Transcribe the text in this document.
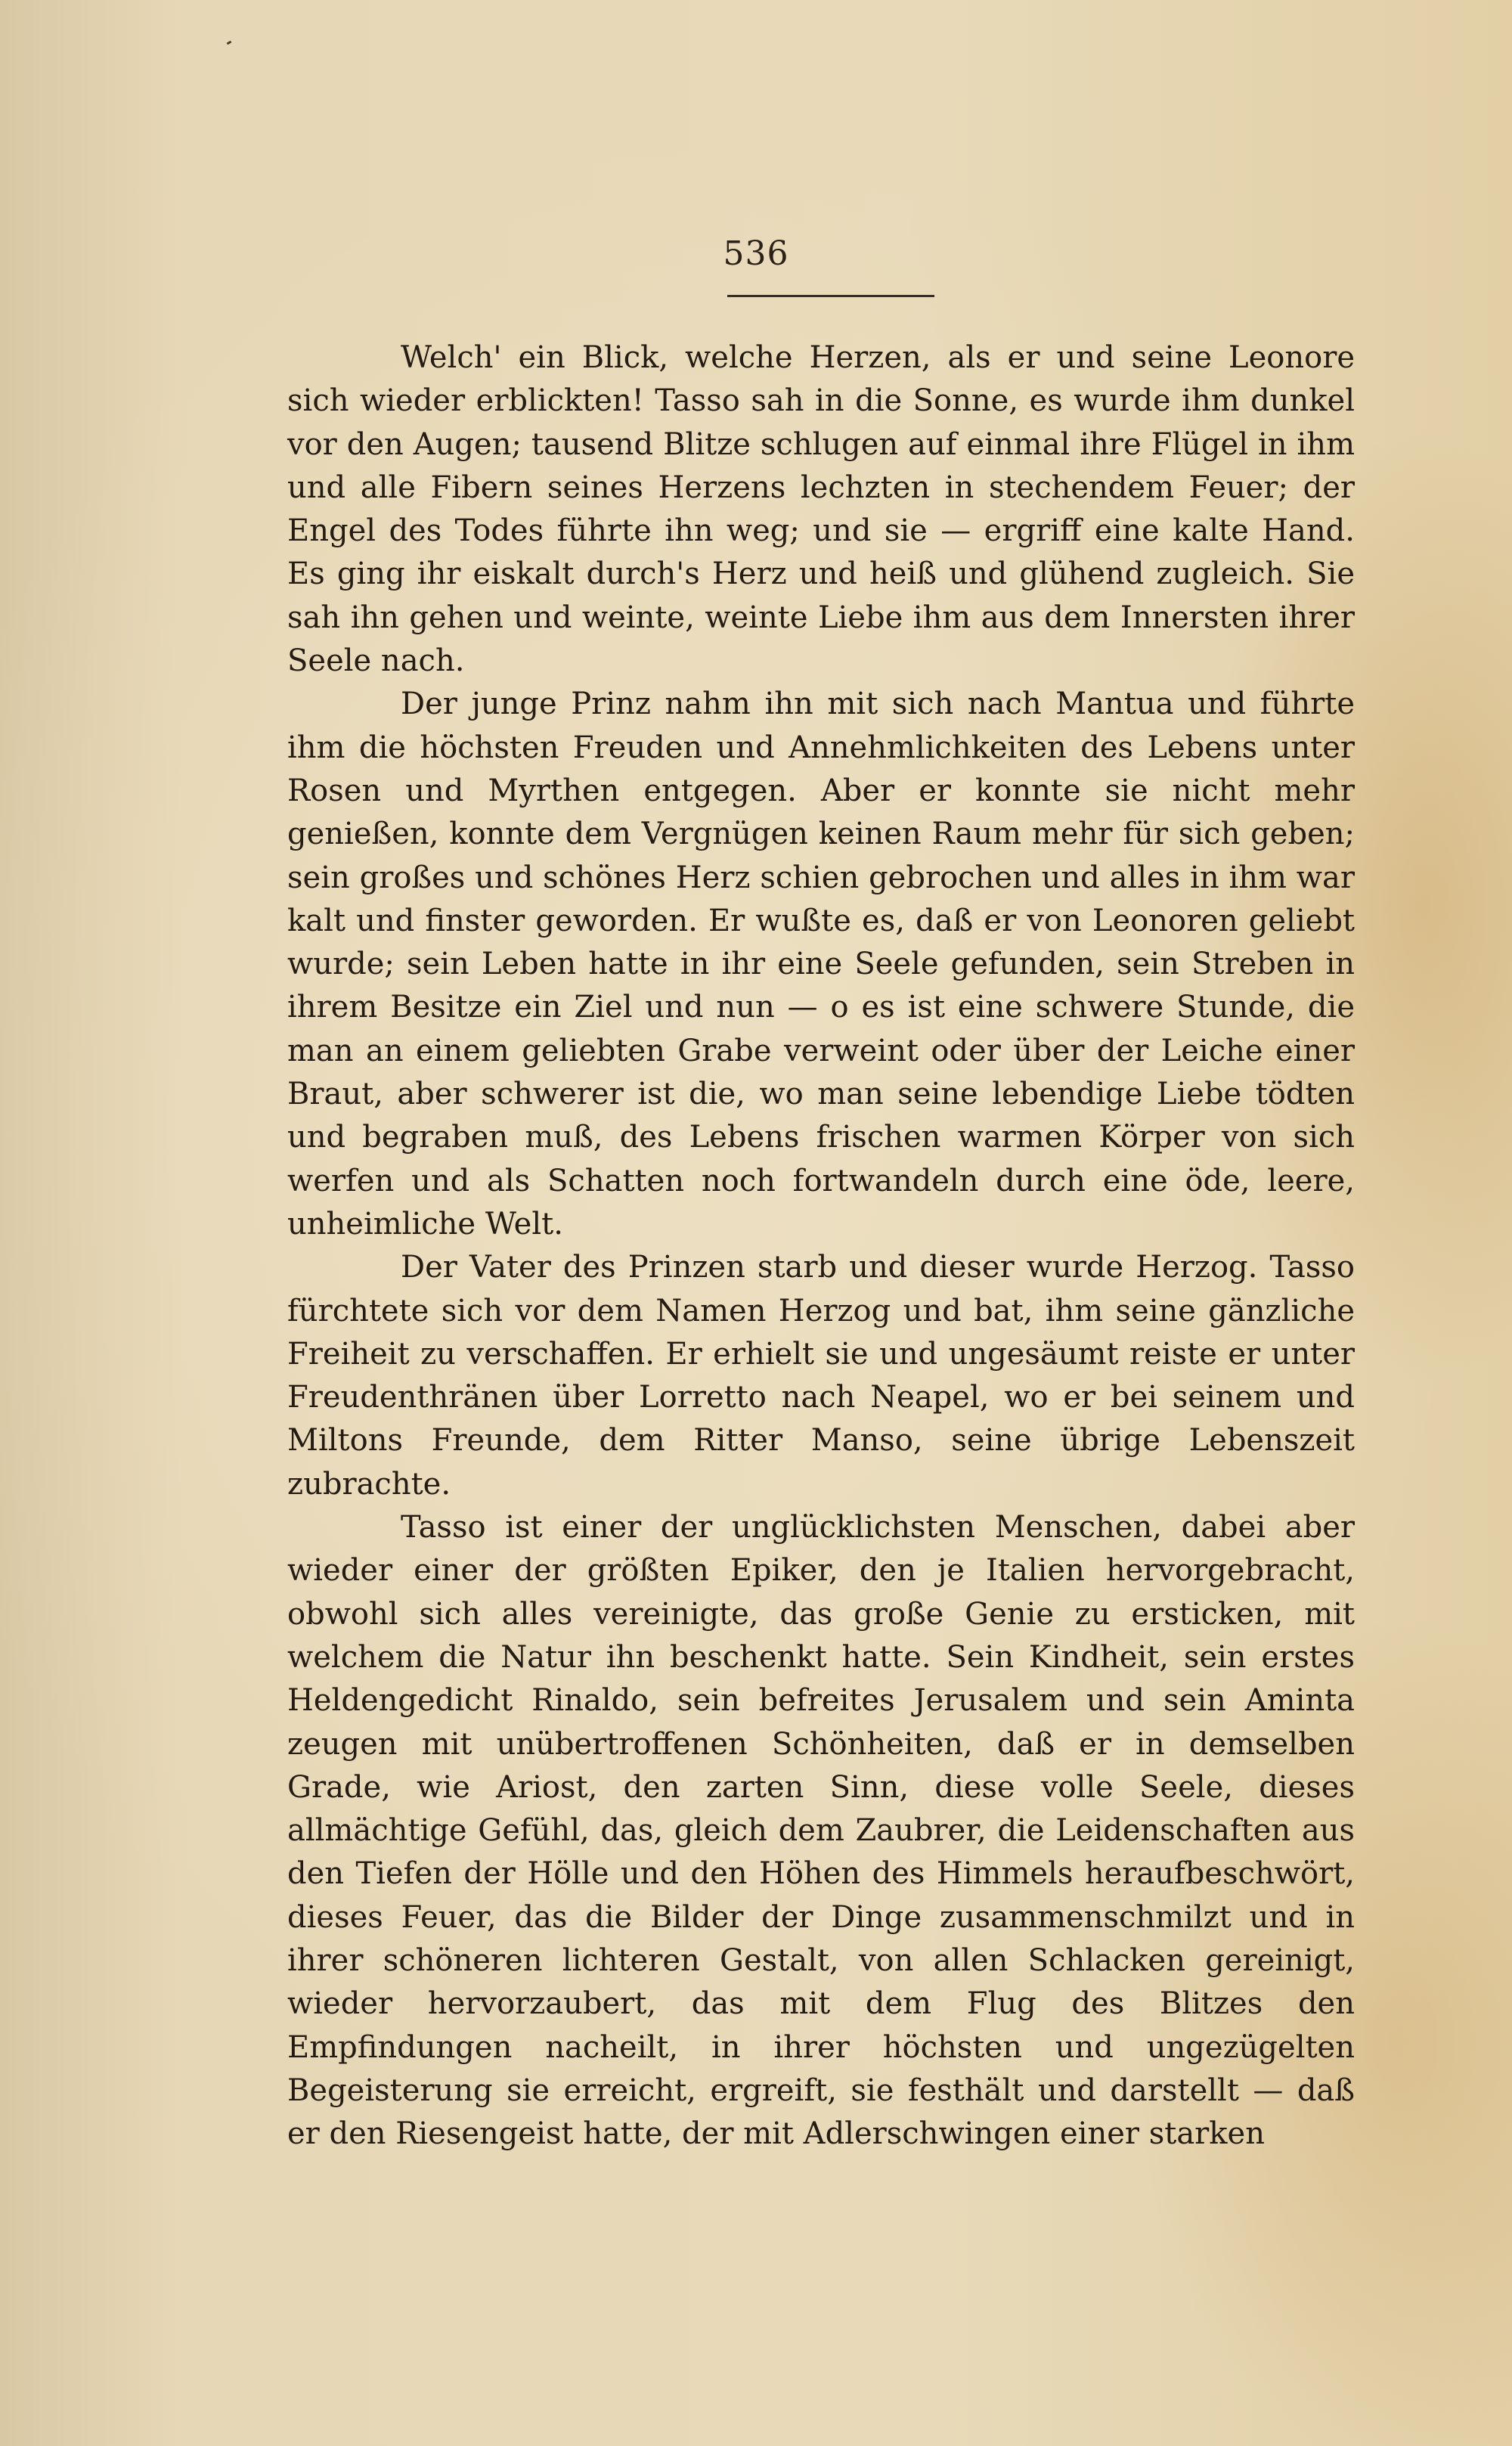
536

Welch' ein Blick, welche Herzen, als er und seine Leonore sich wieder erblickten! Tasso sah in die Sonne, es wurde ihm dunkel vor den Augen; tausend Blitze schlugen auf einmal ihre Flügel in ihm und alle Fibern seines Herzens lechzten in stechendem Feuer; der Engel des Todes führte ihn weg; und sie — ergriff eine kalte Hand. Es ging ihr eiskalt durch's Herz und heiß und glühend zugleich. Sie sah ihn gehen und weinte, weinte Liebe ihm aus dem Innersten ihrer Seele nach.

Der junge Prinz nahm ihn mit sich nach Mantua und führte ihm die höchsten Freuden und Annehmlichkeiten des Lebens unter Rosen und Myrthen entgegen. Aber er konnte sie nicht mehr genießen, konnte dem Vergnügen keinen Raum mehr für sich geben; sein großes und schönes Herz schien gebrochen und alles in ihm war kalt und finster geworden. Er wußte es, daß er von Leonoren geliebt wurde; sein Leben hatte in ihr eine Seele gefunden, sein Streben in ihrem Besitze ein Ziel und nun — o es ist eine schwere Stunde, die man an einem geliebten Grabe verweint oder über der Leiche einer Braut, aber schwerer ist die, wo man seine lebendige Liebe tödten und begraben muß, des Lebens frischen warmen Körper von sich werfen und als Schatten noch fortwandeln durch eine öde, leere, unheimliche Welt.

Der Vater des Prinzen starb und dieser wurde Herzog. Tasso fürchtete sich vor dem Namen Herzog und bat, ihm seine gänzliche Freiheit zu verschaffen. Er erhielt sie und ungesäumt reiste er unter Freudenthränen über Lorretto nach Neapel, wo er bei seinem und Miltons Freunde, dem Ritter Manso, seine übrige Lebenszeit zubrachte.

Tasso ist einer der unglücklichsten Menschen, dabei aber wieder einer der größten Epiker, den je Italien hervorgebracht, obwohl sich alles vereinigte, das große Genie zu ersticken, mit welchem die Natur ihn beschenkt hatte. Sein Kindheit, sein erstes Heldengedicht Rinaldo, sein befreites Jerusalem und sein Aminta zeugen mit unübertroffenen Schönheiten, daß er in demselben Grade, wie Ariost, den zarten Sinn, diese volle Seele, dieses allmächtige Gefühl, das, gleich dem Zaubrer, die Leidenschaften aus den Tiefen der Hölle und den Höhen des Himmels heraufbeschwört, dieses Feuer, das die Bilder der Dinge zusammenschmilzt und in ihrer schöneren lichteren Gestalt, von allen Schlacken gereinigt, wieder hervorzaubert, das mit dem Flug des Blitzes den Empfindungen nacheilt, in ihrer höchsten und ungezügelten Begeisterung sie erreicht, ergreift, sie festhält und darstellt — daß er den Riesengeist hatte, der mit Adlerschwingen einer starken
